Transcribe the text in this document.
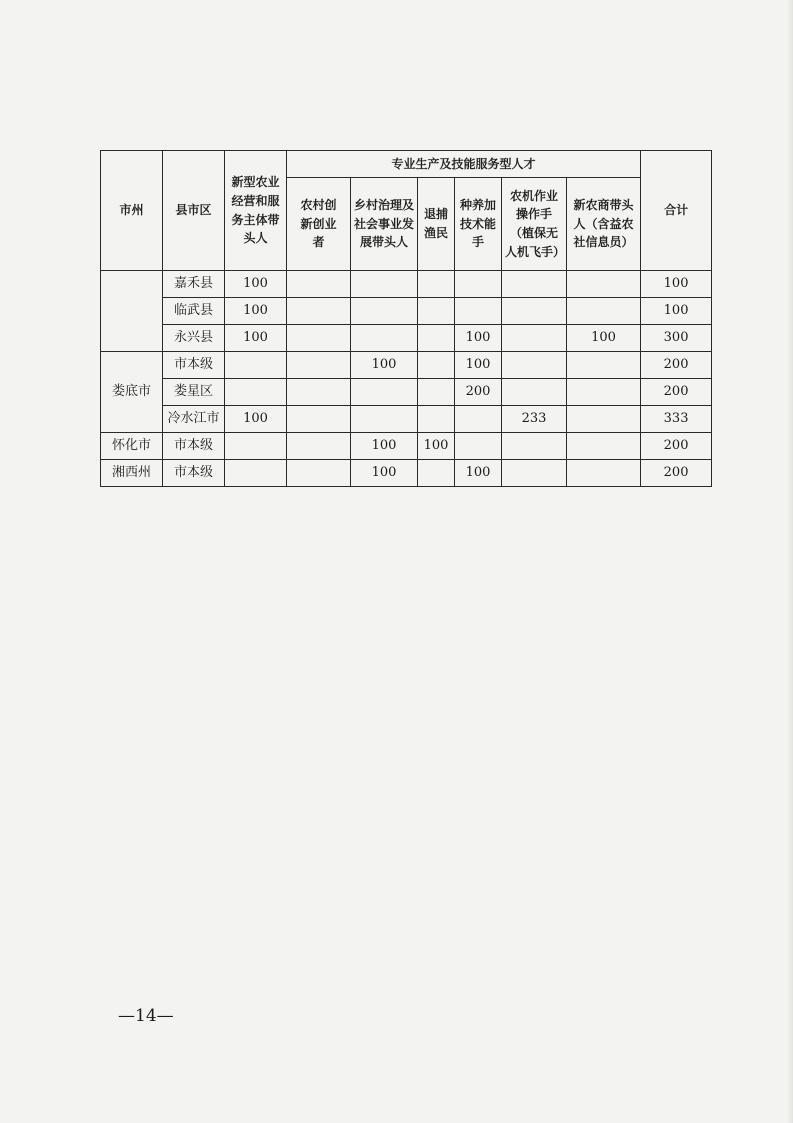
市州	县市区	新型农业经营和服务主体带头人	专业生产及技能服务型人才						合计
			农村创新创业者	乡村治理及社会事业发展带头人	退捕渔民	种养加技术能手	农机作业操作手（植保无人机飞手）	新农商带头人（含益农社信息员）	
	嘉禾县	100							100
	临武县	100							100
	永兴县	100				100		100	300
娄底市	市本级			100		100			200
	娄星区					200			200
	冷水江市	100					233		333
怀化市	市本级			100	100				200
湘西州	市本级			100		100			200
—14—
